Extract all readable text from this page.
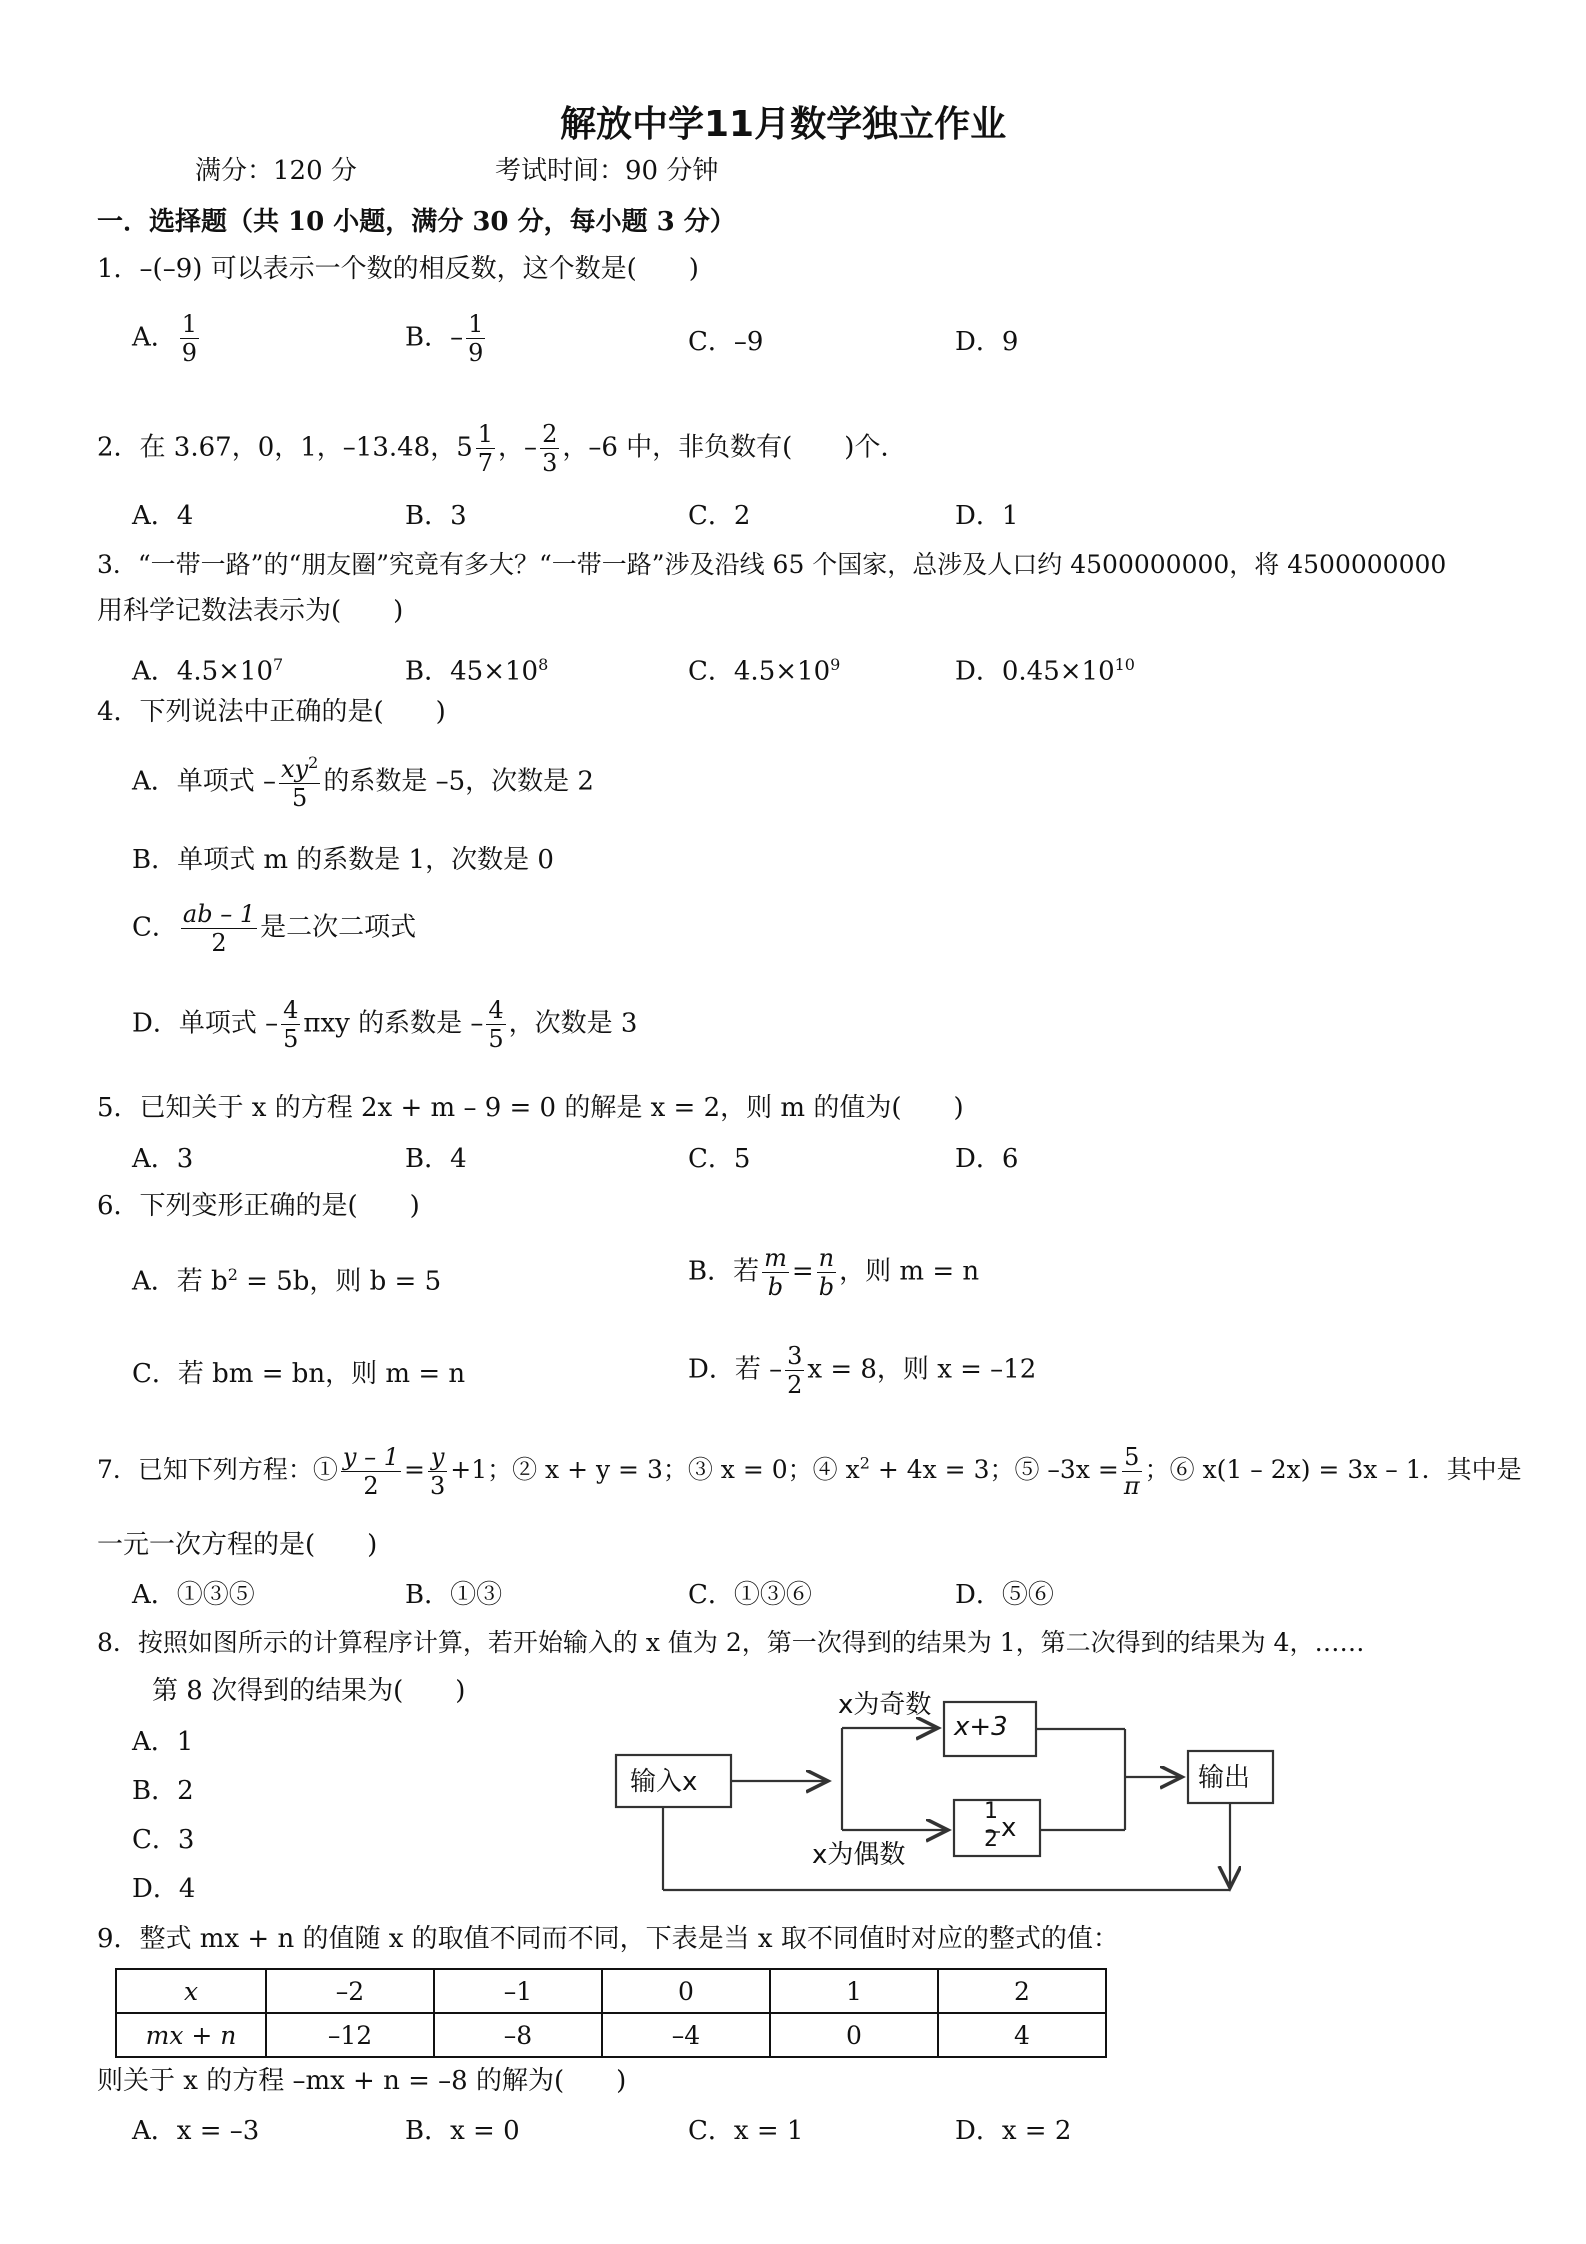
解放中学11月数学独立作业
满分：120 分	考试时间：90 分钟
一．选择题（共 10 小题，满分 30 分，每小题 3 分）
1．–(–9) 可以表示一个数的相反数，这个数是(　　)
A． $\frac{1}{9}$	B．– $\frac{1}{9}$	C．–9	D．9
2．在 3.67，0，1，–13.48，$5 \frac{1}{7}$ ，– $\frac{2}{3}$ ，–6 中，非负数有(　　)个．
A．4	B．3	C．2	D．1
3．“一带一路”的“朋友圈”究竟有多大？“一带一路”涉及沿线 65 个国家，总涉及人口约 4500000000，将 4500000000
用科学记数法表示为(　　)
A．$4.5\times 10^7$	B．$45\times 10^8$	C．$4.5\times 10^9$	D．$0.45\times 10^{10}$
4．下列说法中正确的是(　　)
A．单项式 – $\frac{xy^2}{5}$ 的系数是 –5，次数是 2
B．单项式 m 的系数是 1，次数是 0
C． $\frac{ab - 1}{2}$ 是二次二项式
D．单项式 – $\frac{4}{5}$ πxy 的系数是 – $\frac{4}{5}$ ，次数是 3
5．已知关于 x 的方程 2x + m – 9 = 0 的解是 x = 2，则 m 的值为(　　)
A．3	B．4	C．5	D．6
6．下列变形正确的是(　　)
A．若 $b^2 = 5b$，则 b = 5	B．若 $\frac{m}{b} = \frac{n}{b}$ ，则 m = n
C．若 bm = bn，则 m = n	D．若 – $\frac{3}{2}$ x = 8，则 x = –12
7．已知下列方程：① $\frac{y - 1}{2} = \frac{y}{3} +1$；② x + y = 3；③ x = 0；④ $x^2 + 4x = 3$；⑤ $-3x = \frac{5}{\pi}$ ；⑥ x(1 – 2x) = 3x – 1．其中是
一元一次方程的是(　　)
A．①③⑤	B．①③	C．①③⑥	D．⑤⑥
8．按照如图所示的计算程序计算，若开始输入的 x 值为 2，第一次得到的结果为 1，第二次得到的结果为 4，……
第 8 次得到的结果为(　　)
A．1
B．2
C．3
D．4
输入x
x为奇数
x+3
x为偶数
1
2 x
输出
9．整式 mx + n 的值随 x 的取值不同而不同，下表是当 x 取不同值时对应的整式的值：
x	–2	–1	0	1	2
mx + n	–12	–8	–4	0	4
则关于 x 的方程 –mx + n = –8 的解为(　　)
A．x = –3	B．x = 0	C．x = 1	D．x = 2
